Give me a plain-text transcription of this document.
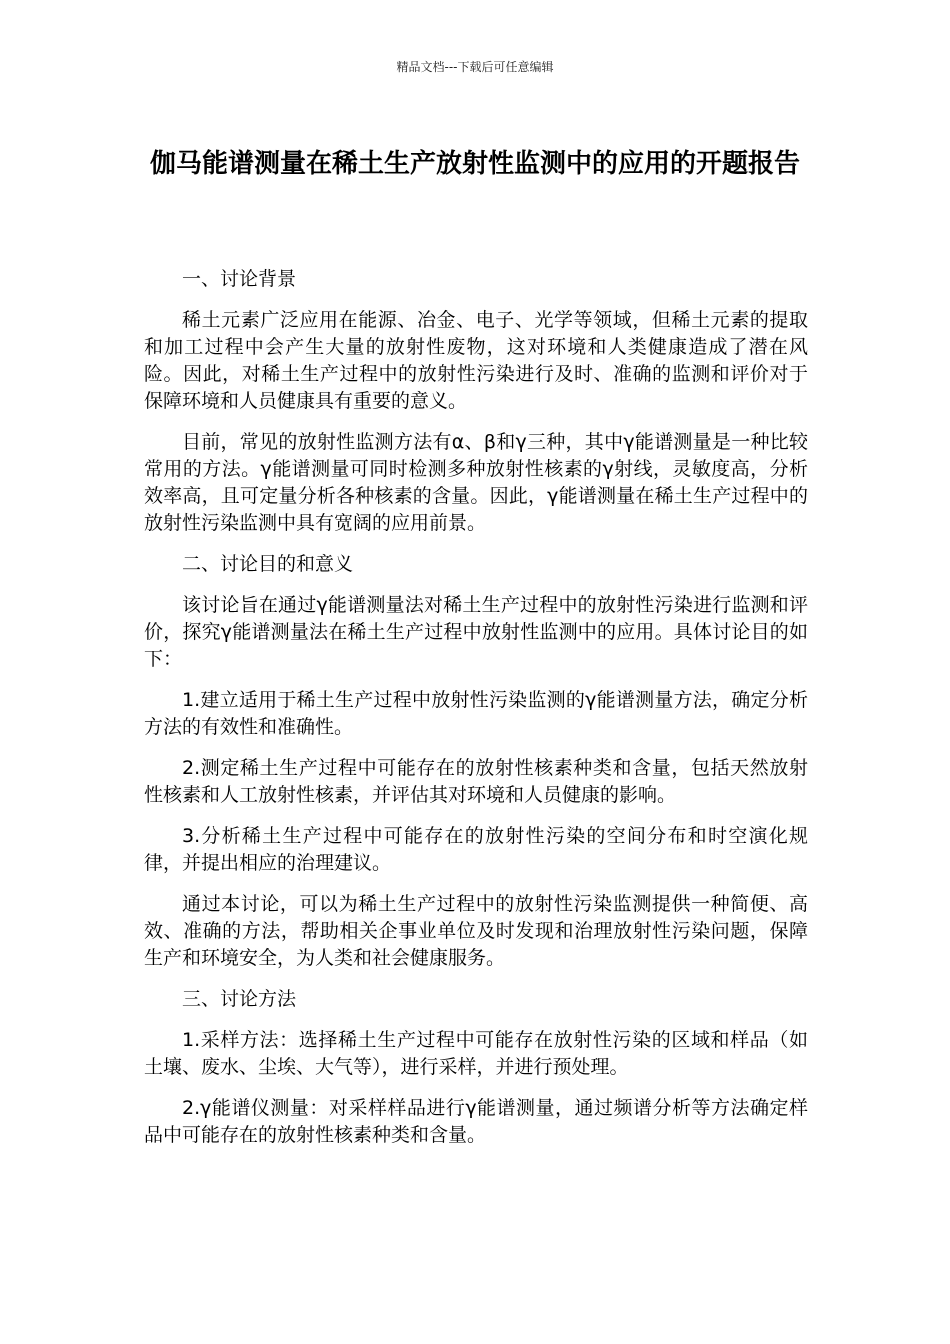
精品文档---下载后可任意编辑
伽马能谱测量在稀土生产放射性监测中的应用的开题报告

一、讨论背景

稀土元素广泛应用在能源、冶金、电子、光学等领域，但稀土元素的提取和加工过程中会产生大量的放射性废物，这对环境和人类健康造成了潜在风险。因此，对稀土生产过程中的放射性污染进行及时、准确的监测和评价对于保障环境和人员健康具有重要的意义。

目前，常见的放射性监测方法有α、β和γ三种，其中γ能谱测量是一种比较常用的方法。γ能谱测量可同时检测多种放射性核素的γ射线，灵敏度高，分析效率高，且可定量分析各种核素的含量。因此，γ能谱测量在稀土生产过程中的放射性污染监测中具有宽阔的应用前景。

二、讨论目的和意义

该讨论旨在通过γ能谱测量法对稀土生产过程中的放射性污染进行监测和评价，探究γ能谱测量法在稀土生产过程中放射性监测中的应用。具体讨论目的如下：

1.建立适用于稀土生产过程中放射性污染监测的γ能谱测量方法，确定分析方法的有效性和准确性。

2.测定稀土生产过程中可能存在的放射性核素种类和含量，包括天然放射性核素和人工放射性核素，并评估其对环境和人员健康的影响。

3.分析稀土生产过程中可能存在的放射性污染的空间分布和时空演化规律，并提出相应的治理建议。

通过本讨论，可以为稀土生产过程中的放射性污染监测提供一种简便、高效、准确的方法，帮助相关企事业单位及时发现和治理放射性污染问题，保障生产和环境安全，为人类和社会健康服务。

三、讨论方法

1.采样方法：选择稀土生产过程中可能存在放射性污染的区域和样品（如土壤、废水、尘埃、大气等），进行采样，并进行预处理。

2.γ能谱仪测量：对采样样品进行γ能谱测量，通过频谱分析等方法确定样品中可能存在的放射性核素种类和含量。
